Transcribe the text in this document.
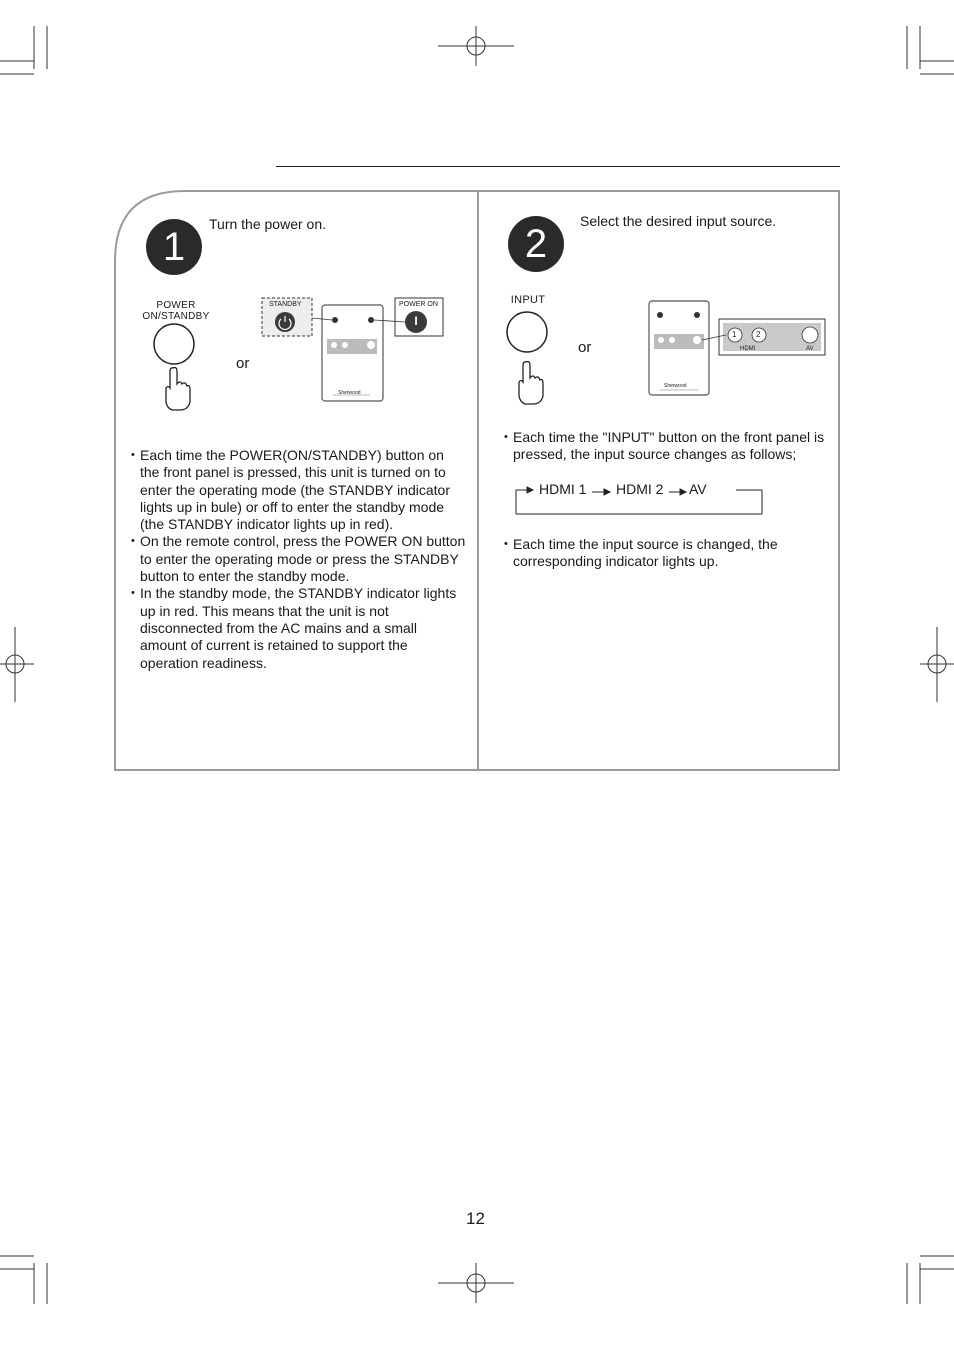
1
Turn the power on.
POWER
ON/STANDBY
or
STANDBY	POWER ON
I
Sherwood
• Each time the POWER(ON/STANDBY) button on the front panel is pressed, this unit is turned on to enter the operating mode (the STANDBY indicator lights up in bule) or off to enter the standby mode (the STANDBY indicator lights up in red).
• On the remote control, press the POWER ON button to enter the operating mode or press the STANDBY button to enter the standby mode.
• In the standby mode, the STANDBY indicator lights up in red. This means that the unit is not disconnected from the AC mains and a small amount of current is retained to support the operation readiness.
2
Select the desired input source.
INPUT
or
1 2
HDMI	AV
Sherwood
• Each time the "INPUT" button on the front panel is pressed, the input source changes as follows;
HDMI 1 HDMI 2 AV
• Each time the input source is changed, the corresponding indicator lights up.
12
